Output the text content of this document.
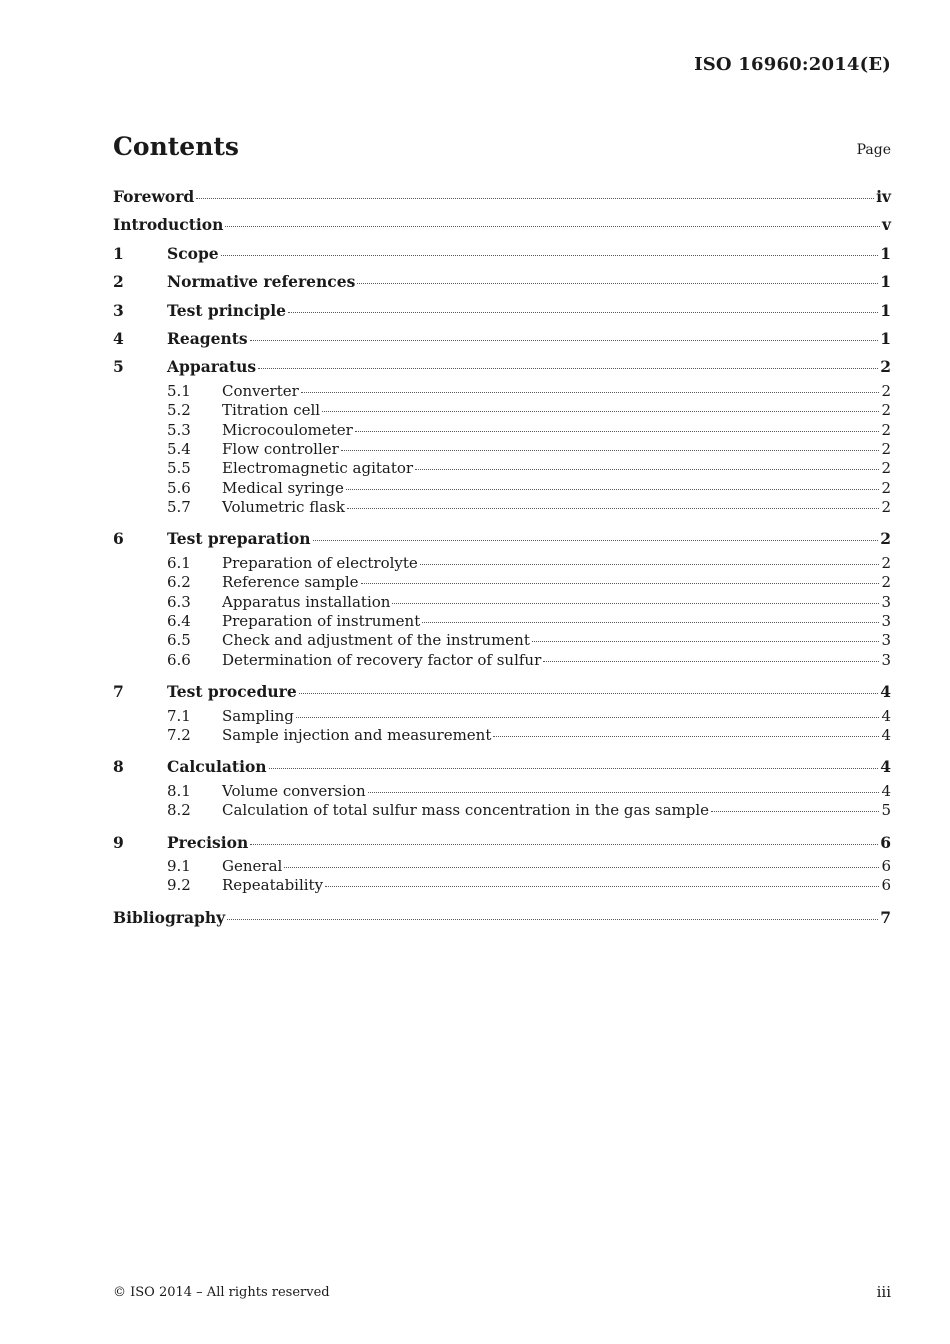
ISO 16960:2014(E)
Contents	Page
Foreword	iv
Introduction	v
1	Scope	1
2	Normative references	1
3	Test principle	1
4	Reagents	1
5	Apparatus	2
5.1	Converter	2
5.2	Titration cell	2
5.3	Microcoulometer	2
5.4	Flow controller	2
5.5	Electromagnetic agitator	2
5.6	Medical syringe	2
5.7	Volumetric flask	2
6	Test preparation	2
6.1	Preparation of electrolyte	2
6.2	Reference sample	2
6.3	Apparatus installation	3
6.4	Preparation of instrument	3
6.5	Check and adjustment of the instrument	3
6.6	Determination of recovery factor of sulfur	3
7	Test procedure	4
7.1	Sampling	4
7.2	Sample injection and measurement	4
8	Calculation	4
8.1	Volume conversion	4
8.2	Calculation of total sulfur mass concentration in the gas sample	5
9	Precision	6
9.1	General	6
9.2	Repeatability	6
Bibliography	7
© ISO 2014 – All rights reserved	iii
